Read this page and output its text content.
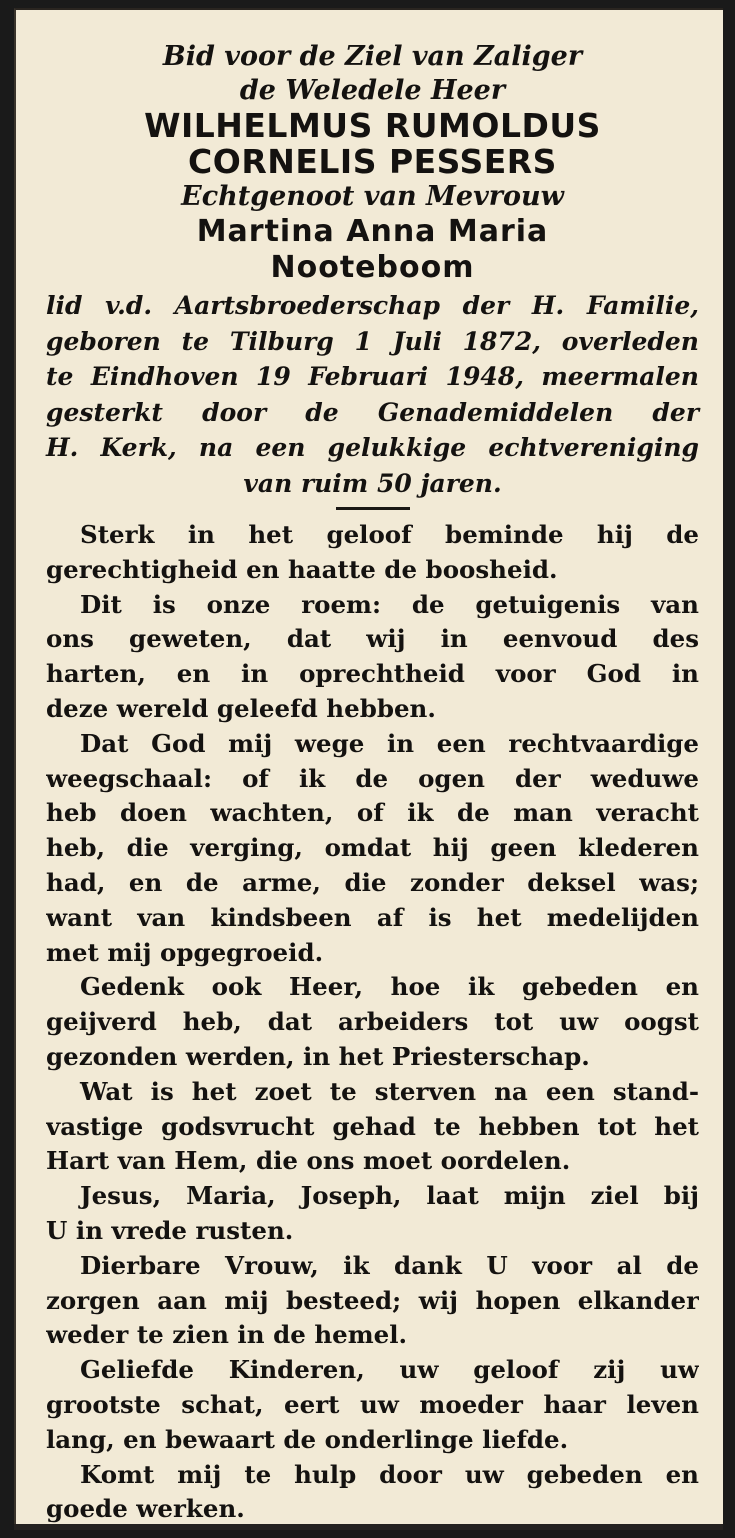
Bid voor de Ziel van Zaliger

de Weledele Heer

WILHELMUS RUMOLDUS

CORNELIS PESSERS

Echtgenoot van Mevrouw

Martina Anna Maria

Nooteboom

lid v.d. Aartsbroederschap der H. Familie,
geboren te Tilburg 1 Juli 1872, overleden
te Eindhoven 19 Februari 1948, meermalen
gesterkt door de Genademiddelen der
H. Kerk, na een gelukkige echtvereniging
van ruim 50 jaren.
Sterk in het geloof beminde hij de
gerechtigheid en haatte de boosheid.
Dit is onze roem: de getuigenis van
ons geweten, dat wij in eenvoud des
harten, en in oprechtheid voor God in
deze wereld geleefd hebben.
Dat God mij wege in een rechtvaardige
weegschaal: of ik de ogen der weduwe
heb doen wachten, of ik de man veracht
heb, die verging, omdat hij geen klederen
had, en de arme, die zonder deksel was;
want van kindsbeen af is het medelijden
met mij opgegroeid.
Gedenk ook Heer, hoe ik gebeden en
geijverd heb, dat arbeiders tot uw oogst
gezonden werden, in het Priesterschap.
Wat is het zoet te sterven na een stand-
vastige godsvrucht gehad te hebben tot het
Hart van Hem, die ons moet oordelen.
Jesus, Maria, Joseph, laat mijn ziel bij
U in vrede rusten.
Dierbare Vrouw, ik dank U voor al de
zorgen aan mij besteed; wij hopen elkander
weder te zien in de hemel.
Geliefde Kinderen, uw geloof zij uw
grootste schat, eert uw moeder haar leven
lang, en bewaart de onderlinge liefde.
Komt mij te hulp door uw gebeden en
goede werken.
